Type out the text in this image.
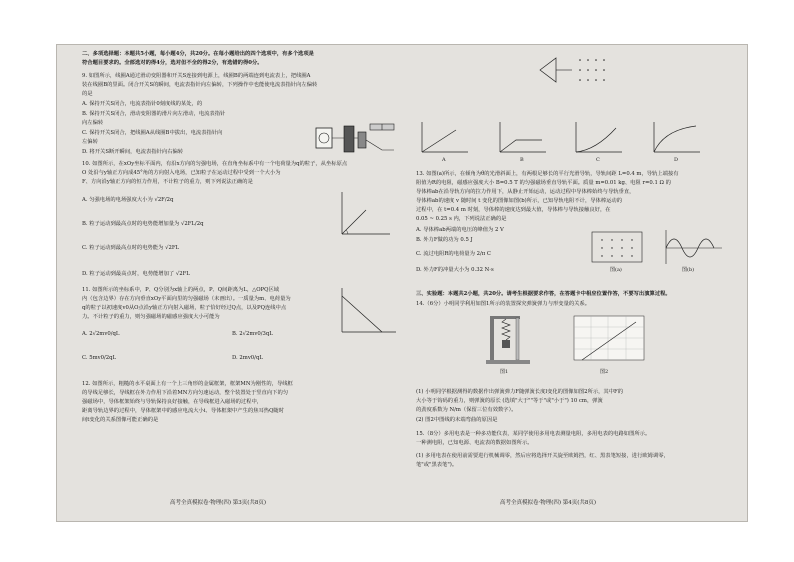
二、多项选择题：本题共5小题，每小题4分，共20分。在每小题给出的四个选项中，有多个选项是
符合题目要求的。全部选对的得4分，选对但不全的得2分，有选错的得0分。
9. 如图所示，线圈A通过滑动变阻器和开关S连接到电源上，线圈B的两端连到电流表上，把线圈A
装在线圈B的里面。闭合开关S的瞬间，电流表指针向左偏转，下列操作中也能使电流表指针向左偏转
的是
A. 保持开关S闭合，电流表指针0刻度线的某处，的
B. 保持开关S闭合，滑动变阻器的滑片向左滑动，电流表指针
向左偏转
C. 保持开关S闭合，把线圈A从线圈B中拔出，电流表指针向
左偏转
D. 将开关S断开瞬间，电流表指针向右偏转
10. 如图所示，在xOy坐标平面内，有沿x方向的匀强电场，在直角坐标系中有一个电荷量为q的粒子，从坐标原点
O 处沿与y轴正方向成45°角的方向射入电场，已知粒子在运动过程中受到一个大小为
F、方向沿y轴正方向的恒力作用，不计粒子的重力，则下列说法正确的是
A. 匀强电场的电场强度大小为 √2F/2q
B. 粒子运动到最高点时的电势能增加量为 √2FL/2q
C. 粒子运动到最高点时的电势能为 √2FL
D. 粒子运动到最高点时，电势能增加了 √2FL
11. 如图所示的坐标系中，P、Q分别为x轴上的两点，P、Q间距离为L，△OPQ区域
内（包含边界）存在方向垂直xOy平面向里的匀强磁场（未画出）。一质量为m、电荷量为
q的粒子以初速度v0从O点沿y轴正方向射入磁场，粒子恰好经过Q点，以及PQ连线中点
力。不计粒子的重力，则匀强磁场的磁感应强度大小可能为
A. 2√2mv0/qL	B. 2√2mv0/3qL
C. 5mv0/2qL	D. 2mv0/qL
12. 如图所示，粗糙的水平桌面上有一个上三角形的金属框架，框架MN为刚性的，导线框
的导线足够长，导线框在外力作用下沿着MN方向匀速运动，整个装置处于竖直向下的匀
强磁场中，导体框架始终与导轨保持良好接触，在导线框进入磁场的过程中，
距离导轨边界的过程中，导体框架中的感应电流大小i、导体框架中产生的焦耳热Q随时
间t变化的关系图像可能正确的是
A	B	C	D
13. 如图(a)所示，在倾角为θ的光滑斜面上，有两根足够长的平行光滑导轨，导轨间距 L=0.4 m，导轨上端接有
阻值为R的电阻，磁感应强度大小 B=0.5 T 的匀强磁场垂直导轨平面。质量 m=0.01 kg、电阻 r=0.1 Ω 的
导体棒ab在沿导轨方向的拉力作用下，从静止开始运动，运动过程中导体棒始终与导轨垂直，
导体棒ab的速度 v 随时间 t 变化的图像如图(b)所示，已知导轨电阻不计，导体棒运动的
过程中，在 t=0.4 m 时刻，导体棒的速度达到最大值，导体棒与导轨接触良好，在
0.05 ~ 0.25 s 内，下列说法正确的是
A. 导体棒ab两端的电压的峰值为 2 V
B. 外力F做的功为 0.5 J
C. 流过电阻R的电荷量为 2/π C
D. 外力F的冲量大小为 0.32 N·s	图(a)	图(b)
三、实验题：本题共2小题，共20分。请考生根据要求作答，在答题卡中相应位置作答，不要写出演算过程。
14.（6分）小明同学利用如图1所示的装置探究弹簧弹力与形变量的关系。
图1	图2
(1) 小明同学根据测得的数据作出弹簧弹力F随弹簧长度l变化的图像如图2所示，其中F的
大小等于钩码的重力，则弹簧的原长 (选填"大于""等于"或"小于") 10 cm，弹簧
的劲度系数为 N/m（保留三位有效数字）。
(2) 图2中图线的末端弯曲的原因是
15.（8分）多用电表是一种多功能仪表，某同学使用多用电表测量电阻，多用电表的电路如图所示。
一种测电阻，已知电源、电流表的数据如图所示。
(1) 多用电表在使用前需要进行机械调零，然后应将选择开关旋至欧姆挡，红、黑表笔短接，进行欧姆调零，
笔"或"黑表笔")。
高考全真模拟卷·物理(四) 第3页(共8页)	高考全真模拟卷·物理(四) 第4页(共8页)
